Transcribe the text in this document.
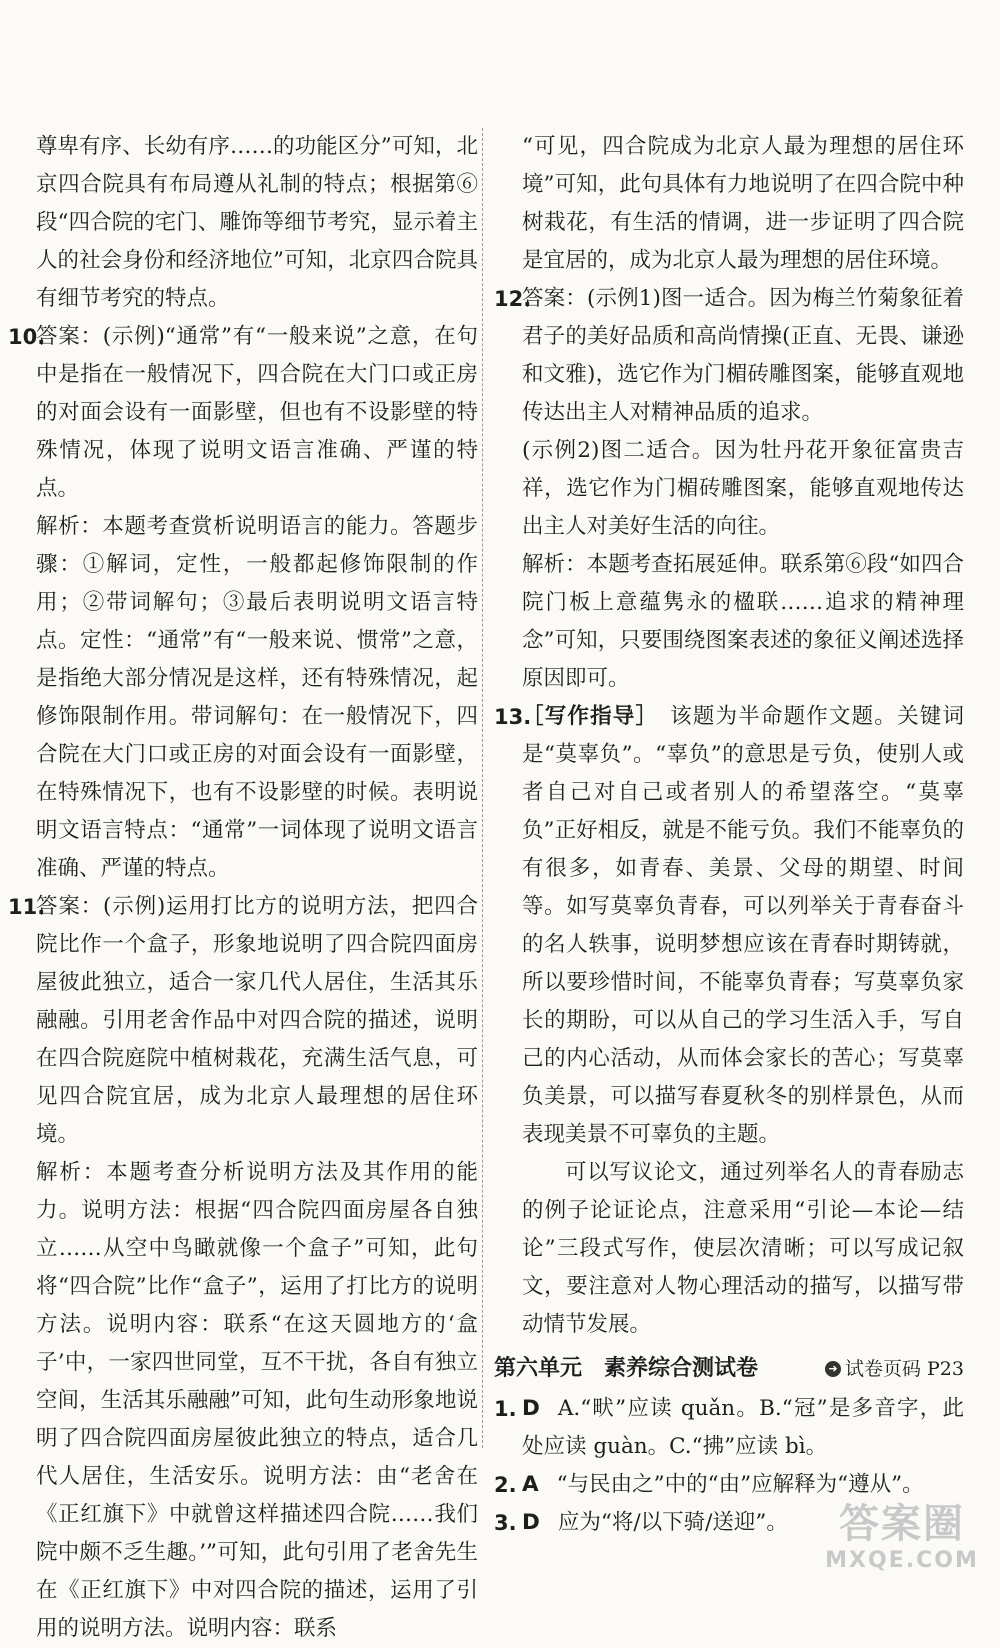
尊卑有序、长幼有序……的功能区分”可知，北京四合院具有布局遵从礼制的特点；根据第⑥段“四合院的宅门、雕饰等细节考究，显示着主人的社会身份和经济地位”可知，北京四合院具有细节考究的特点。

10.

答案：(示例)“通常”有“一般来说”之意，在句中是指在一般情况下，四合院在大门口或正房的对面会设有一面影壁，但也有不设影壁的特殊情况，体现了说明文语言准确、严谨的特点。

解析：本题考查赏析说明语言的能力。答题步骤：①解词，定性，一般都起修饰限制的作用；②带词解句；③最后表明说明文语言特点。定性：“通常”有“一般来说、惯常”之意，是指绝大部分情况是这样，还有特殊情况，起修饰限制作用。带词解句：在一般情况下，四合院在大门口或正房的对面会设有一面影壁，在特殊情况下，也有不设影壁的时候。表明说明文语言特点：“通常”一词体现了说明文语言准确、严谨的特点。

11.

答案：(示例)运用打比方的说明方法，把四合院比作一个盒子，形象地说明了四合院四面房屋彼此独立，适合一家几代人居住，生活其乐融融。引用老舍作品中对四合院的描述，说明在四合院庭院中植树栽花，充满生活气息，可见四合院宜居，成为北京人最理想的居住环境。

解析：本题考查分析说明方法及其作用的能力。说明方法：根据“四合院四面房屋各自独立……从空中鸟瞰就像一个盒子”可知，此句将“四合院”比作“盒子”，运用了打比方的说明方法。说明内容：联系“在这天圆地方的‘盒子’中，一家四世同堂，互不干扰，各自有独立空间，生活其乐融融”可知，此句生动形象地说明了四合院四面房屋彼此独立的特点，适合几代人居住，生活安乐。说明方法：由“老舍在《正红旗下》中就曾这样描述四合院……我们院中颇不乏生趣。’”可知，此句引用了老舍先生在《正红旗下》中对四合院的描述，运用了引用的说明方法。说明内容：联系

“可见，四合院成为北京人最为理想的居住环境”可知，此句具体有力地说明了在四合院中种树栽花，有生活的情调，进一步证明了四合院是宜居的，成为北京人最为理想的居住环境。

12.

答案：(示例1)图一适合。因为梅兰竹菊象征着君子的美好品质和高尚情操(正直、无畏、谦逊和文雅)，选它作为门楣砖雕图案，能够直观地传达出主人对精神品质的追求。

(示例2)图二适合。因为牡丹花开象征富贵吉祥，选它作为门楣砖雕图案，能够直观地传达出主人对美好生活的向往。

解析：本题考查拓展延伸。联系第⑥段“如四合院门板上意蕴隽永的楹联……追求的精神理念”可知，只要围绕图案表述的象征义阐述选择原因即可。

13.

［写作指导］　 该题为半命题作文题。关键词是“莫辜负”。“辜负”的意思是亏负，使别人或者自己对自己或者别人的希望落空。“莫辜负”正好相反，就是不能亏负。我们不能辜负的有很多，如青春、美景、父母的期望、时间等。如写莫辜负青春，可以列举关于青春奋斗的名人轶事，说明梦想应该在青春时期铸就，所以要珍惜时间，不能辜负青春；写莫辜负家长的期盼，可以从自己的学习生活入手，写自己的内心活动，从而体会家长的苦心；写莫辜负美景，可以描写春夏秋冬的别样景色，从而表现美景不可辜负的主题。

可以写议论文，通过列举名人的青春励志的例子论证论点，注意采用“引论—本论—结论”三段式写作，使层次清晰；可以写成记叙文，要注意对人物心理活动的描写，以描写带动情节发展。

第六单元　素养综合测试卷	➜ 试卷页码 P23
1. D A.“畎”应读 quǎn。B.“冠”是多音字，此处应读 guàn。C.“拂”应读 bì。
2. A “与民由之”中的“由”应解释为“遵从”。
3. D 应为“将/以下骑/送迎”。	答案圈
MXQE.COM
